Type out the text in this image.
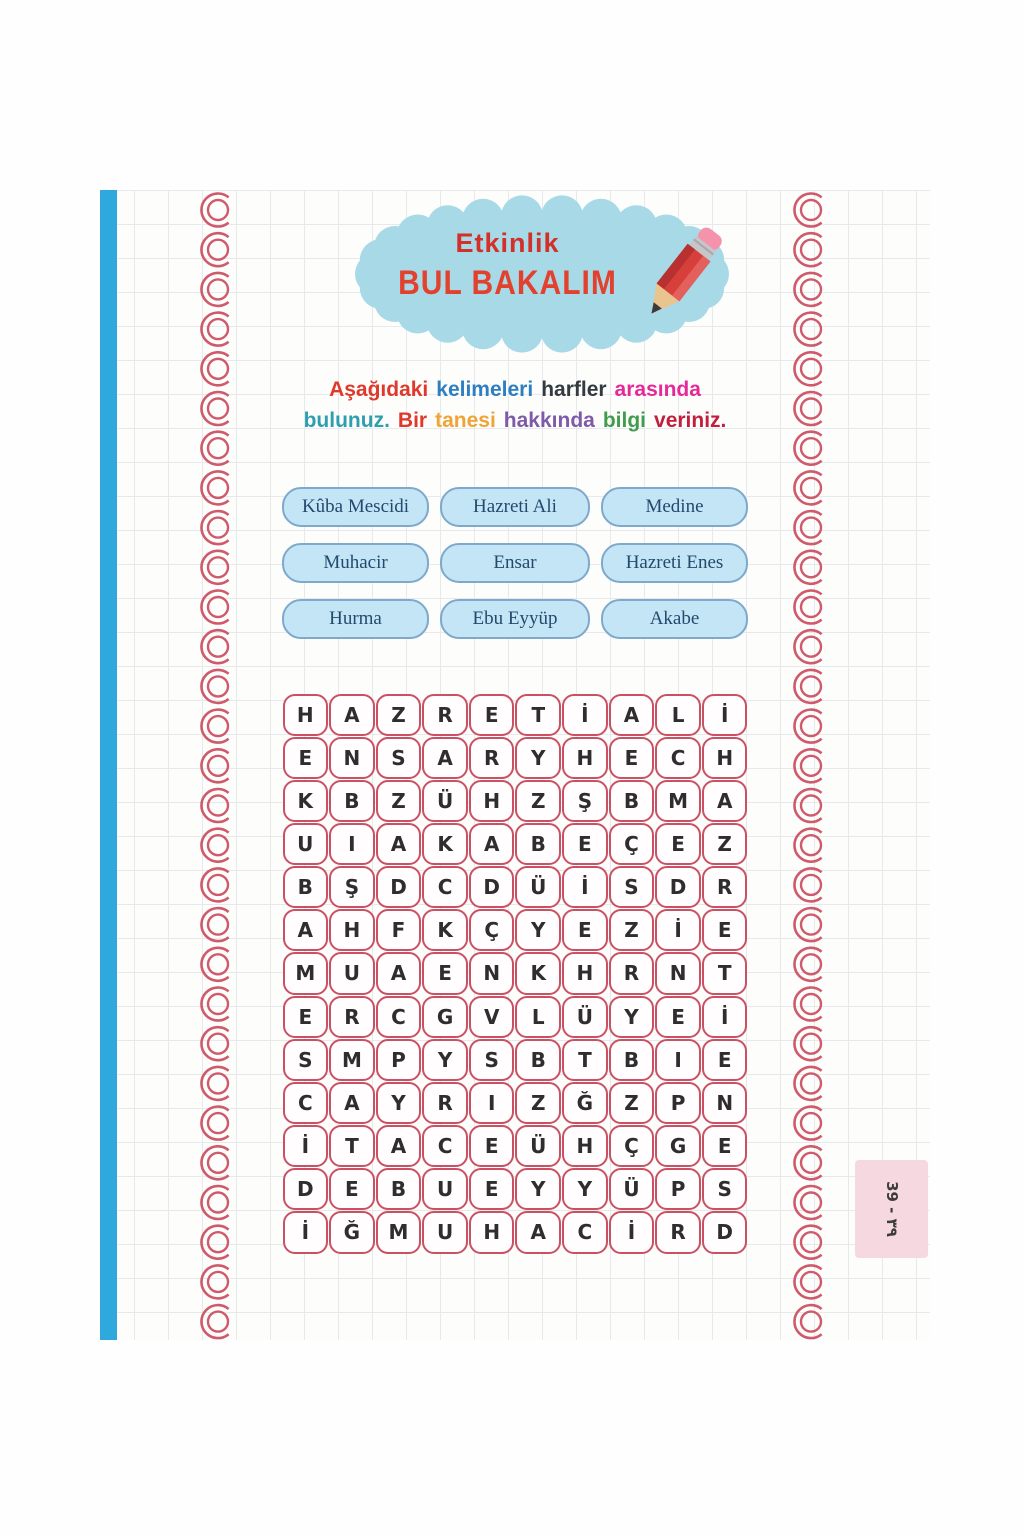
Etkinlik
BUL BAKALIM
Aşağıdaki kelimeleri harfler arasında
bulunuz. Bir tanesi hakkında bilgi veriniz.
Kûba Mescidi	Hazreti Ali	Medine
Muhacir	Ensar	Hazreti Enes
Hurma	Ebu Eyyüp	Akabe
H	A	Z	R	E	T	İ	A	L	İ
E	N	S	A	R	Y	H	E	C	H
K	B	Z	Ü	H	Z	Ş	B	M	A
U	I	A	K	A	B	E	Ç	E	Z
B	Ş	D	C	D	Ü	İ	S	D	R
A	H	F	K	Ç	Y	E	Z	İ	E
M	U	A	E	N	K	H	R	N	T
E	R	C	G	V	L	Ü	Y	E	İ
S	M	P	Y	S	B	T	B	I	E
C	A	Y	R	I	Z	Ğ	Z	P	N
İ	T	A	C	E	Ü	H	Ç	G	E
D	E	B	U	E	Y	Y	Ü	P	S
İ	Ğ	M	U	H	A	C	İ	R	D
39 - ٣٩
